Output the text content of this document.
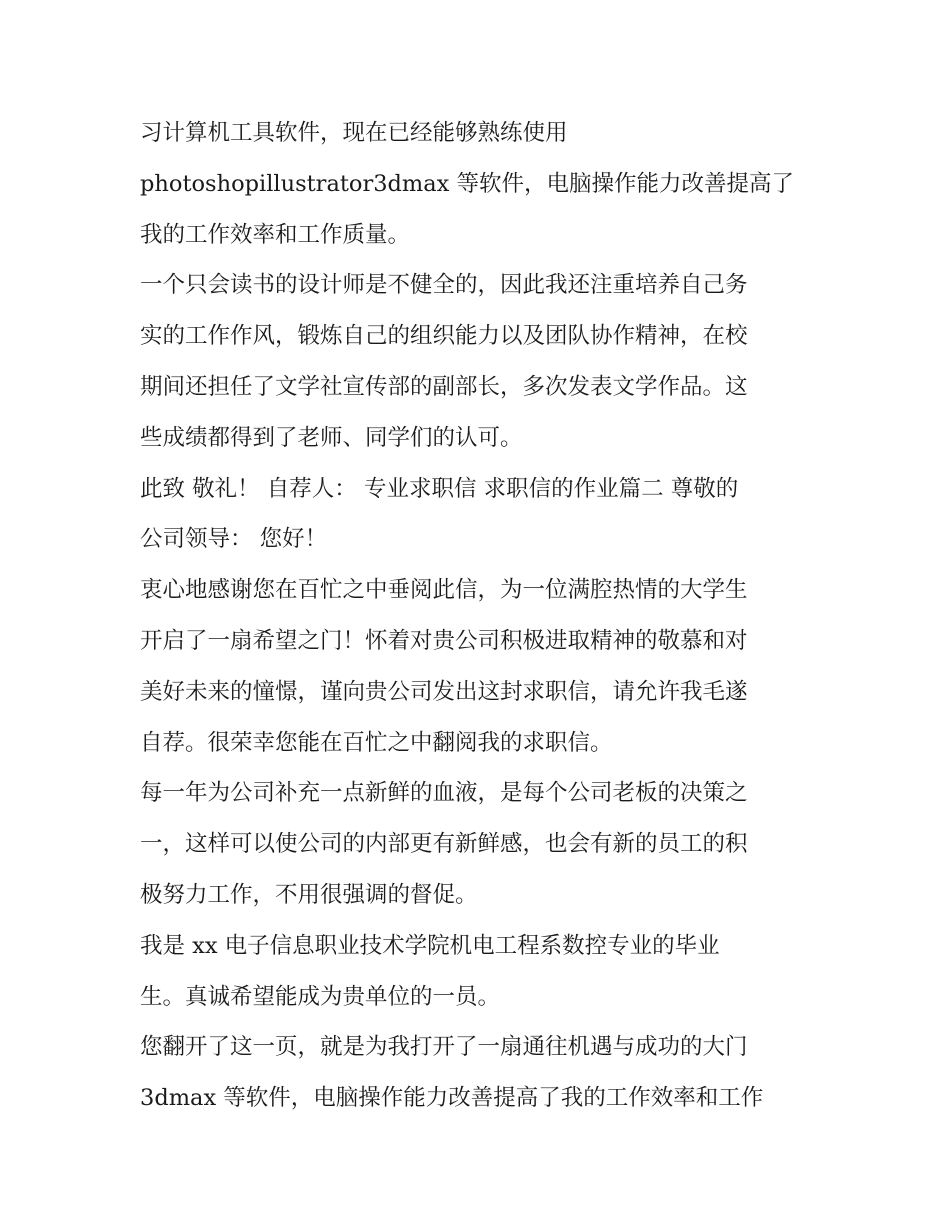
习计算机工具软件，现在已经能够熟练使用
photoshopillustrator3dmax 等软件，电脑操作能力改善提高了
我的工作效率和工作质量。
一个只会读书的设计师是不健全的，因此我还注重培养自己务
实的工作作风，锻炼自己的组织能力以及团队协作精神，在校
期间还担任了文学社宣传部的副部长，多次发表文学作品。这
些成绩都得到了老师、同学们的认可。
此致 敬礼！ 自荐人： 专业求职信 求职信的作业篇二 尊敬的
公司领导： 您好！
衷心地感谢您在百忙之中垂阅此信，为一位满腔热情的大学生
开启了一扇希望之门！怀着对贵公司积极进取精神的敬慕和对
美好未来的憧憬，谨向贵公司发出这封求职信，请允许我毛遂
自荐。很荣幸您能在百忙之中翻阅我的求职信。
每一年为公司补充一点新鲜的血液，是每个公司老板的决策之
一，这样可以使公司的内部更有新鲜感，也会有新的员工的积
极努力工作，不用很强调的督促。
我是 xx 电子信息职业技术学院机电工程系数控专业的毕业
生。真诚希望能成为贵单位的一员。
您翻开了这一页，就是为我打开了一扇通往机遇与成功的大门
3dmax 等软件，电脑操作能力改善提高了我的工作效率和工作
